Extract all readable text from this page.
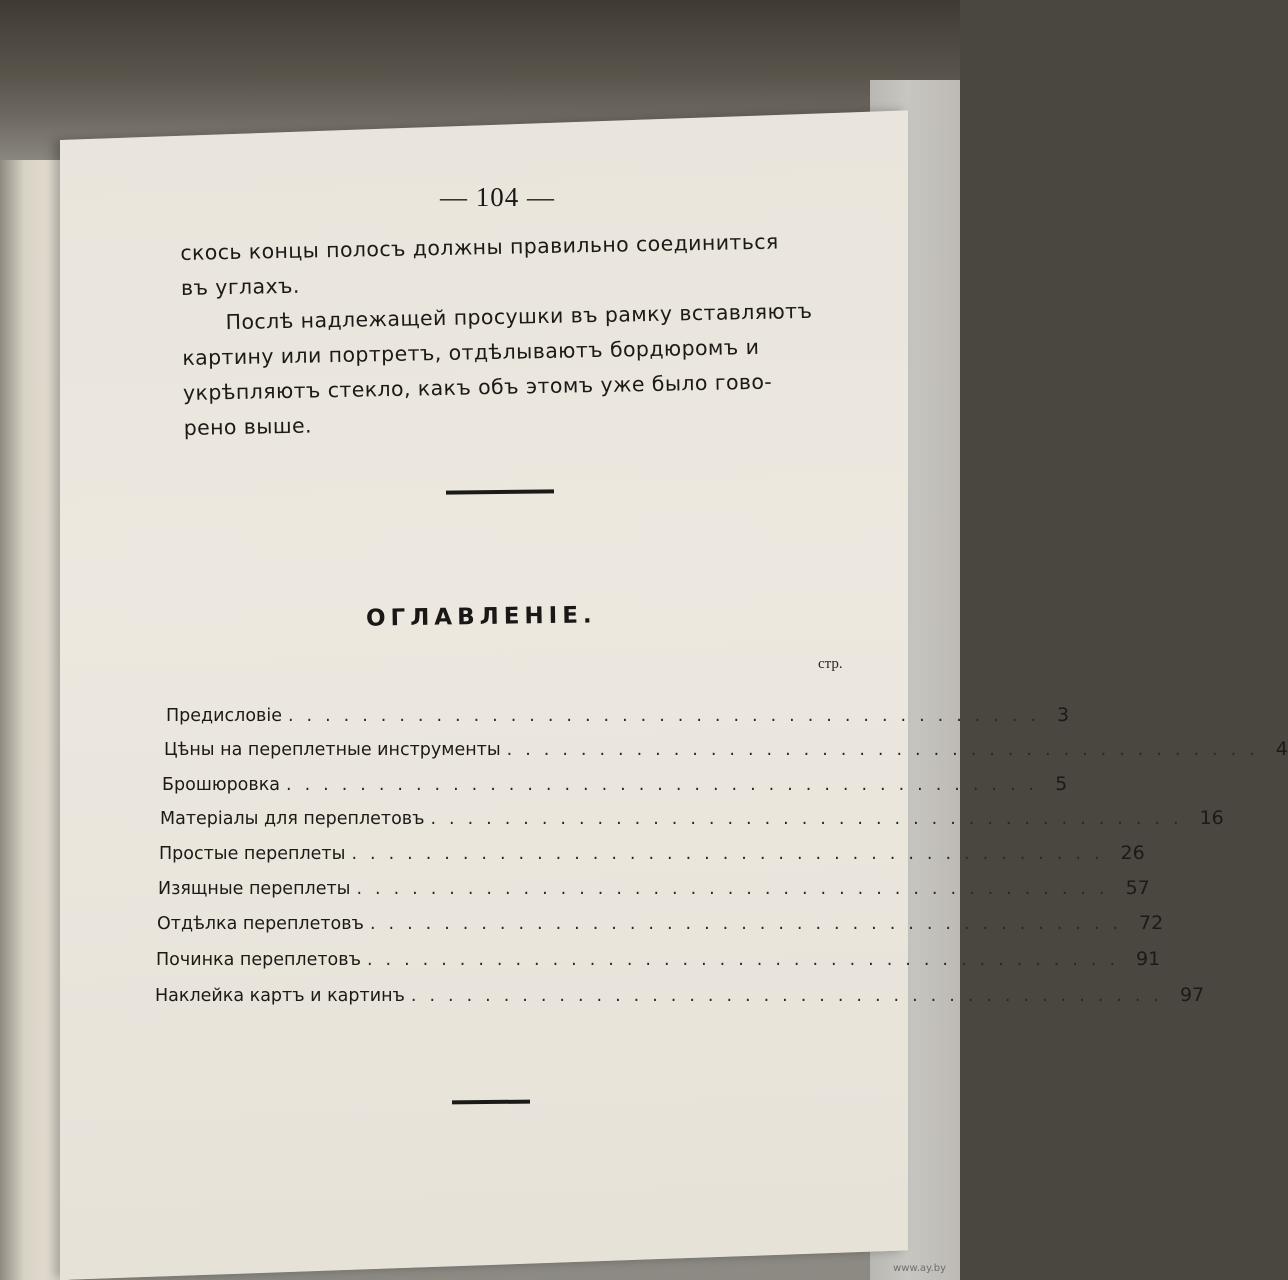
— 104 —
скось концы полосъ должны правильно соединиться
въ углахъ.
Послѣ надлежащей просушки въ рамку вставляютъ
картину или портретъ, отдѣлываютъ бордюромъ и
укрѣпляютъ стекло, какъ объ этомъ уже было гово-
рено выше.
ОГЛАВЛЕНІЕ.
стр.
Предисловіе ......................................... 3
Цѣны на переплетные инструменты ......................................... 4
Брошюровка ......................................... 5
Матеріалы для переплетовъ ......................................... 16
Простые переплеты ......................................... 26
Изящные переплеты ......................................... 57
Отдѣлка переплетовъ ......................................... 72
Починка переплетовъ ......................................... 91
Наклейка картъ и картинъ ......................................... 97
www.ay.by
